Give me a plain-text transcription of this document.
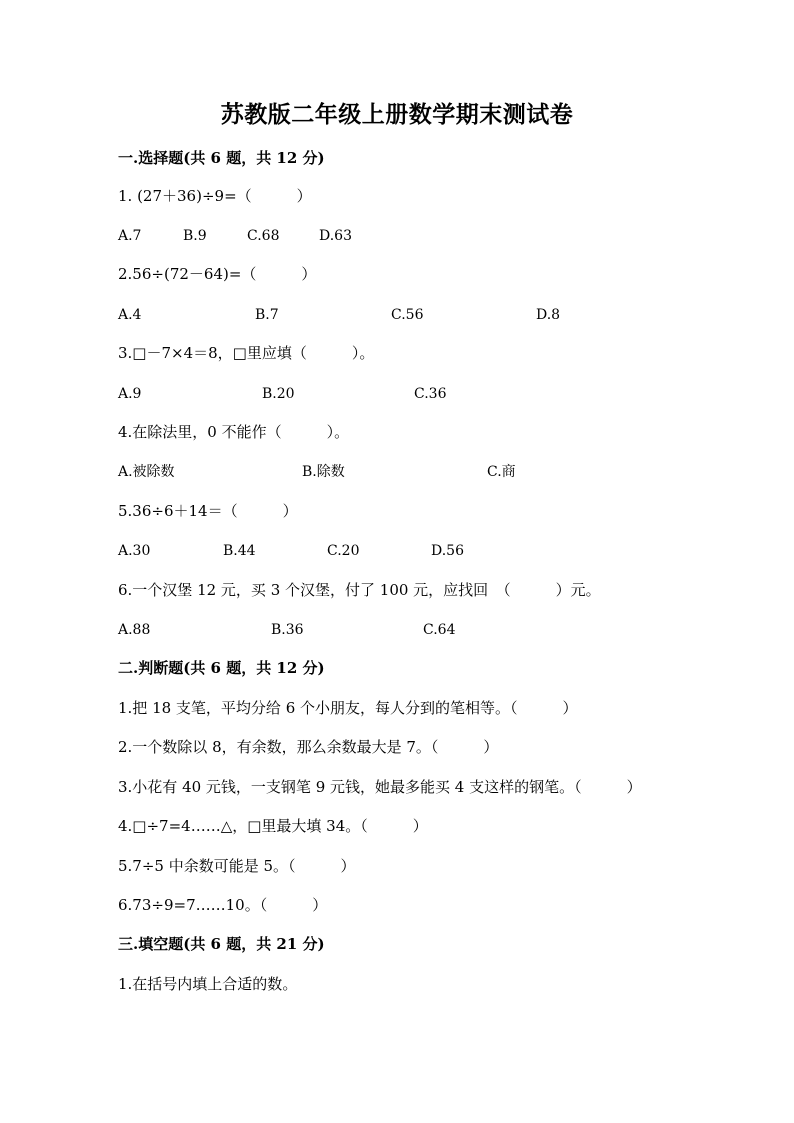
苏教版二年级上册数学期末测试卷
一.选择题(共 6 题，共 12 分)
1. (27＋36)÷9=（　　　）
A.7	B.9	C.68	D.63
2.56÷(72－64)=（　　　）
A.4	B.7	C.56	D.8
3.□－7×4＝8，□里应填（　　　）。
A.9	B.20	C.36
4.在除法里，0 不能作（　　　）。
A.被除数	B.除数	C.商
5.36÷6＋14＝（　　　）
A.30	B.44	C.20	D.56
6.一个汉堡 12 元，买 3 个汉堡，付了 100 元，应找回　（　　　）元。
A.88	B.36	C.64
二.判断题(共 6 题，共 12 分)
1.把 18 支笔，平均分给 6 个小朋友，每人分到的笔相等。（　　　）
2.一个数除以 8，有余数，那么余数最大是 7。（　　　）
3.小花有 40 元钱，一支钢笔 9 元钱，她最多能买 4 支这样的钢笔。（　　　）
4.□÷7=4……△，□里最大填 34。（　　　）
5.7÷5 中余数可能是 5。（　　　）
6.73÷9=7……10。（　　　）
三.填空题(共 6 题，共 21 分)
1.在括号内填上合适的数。
